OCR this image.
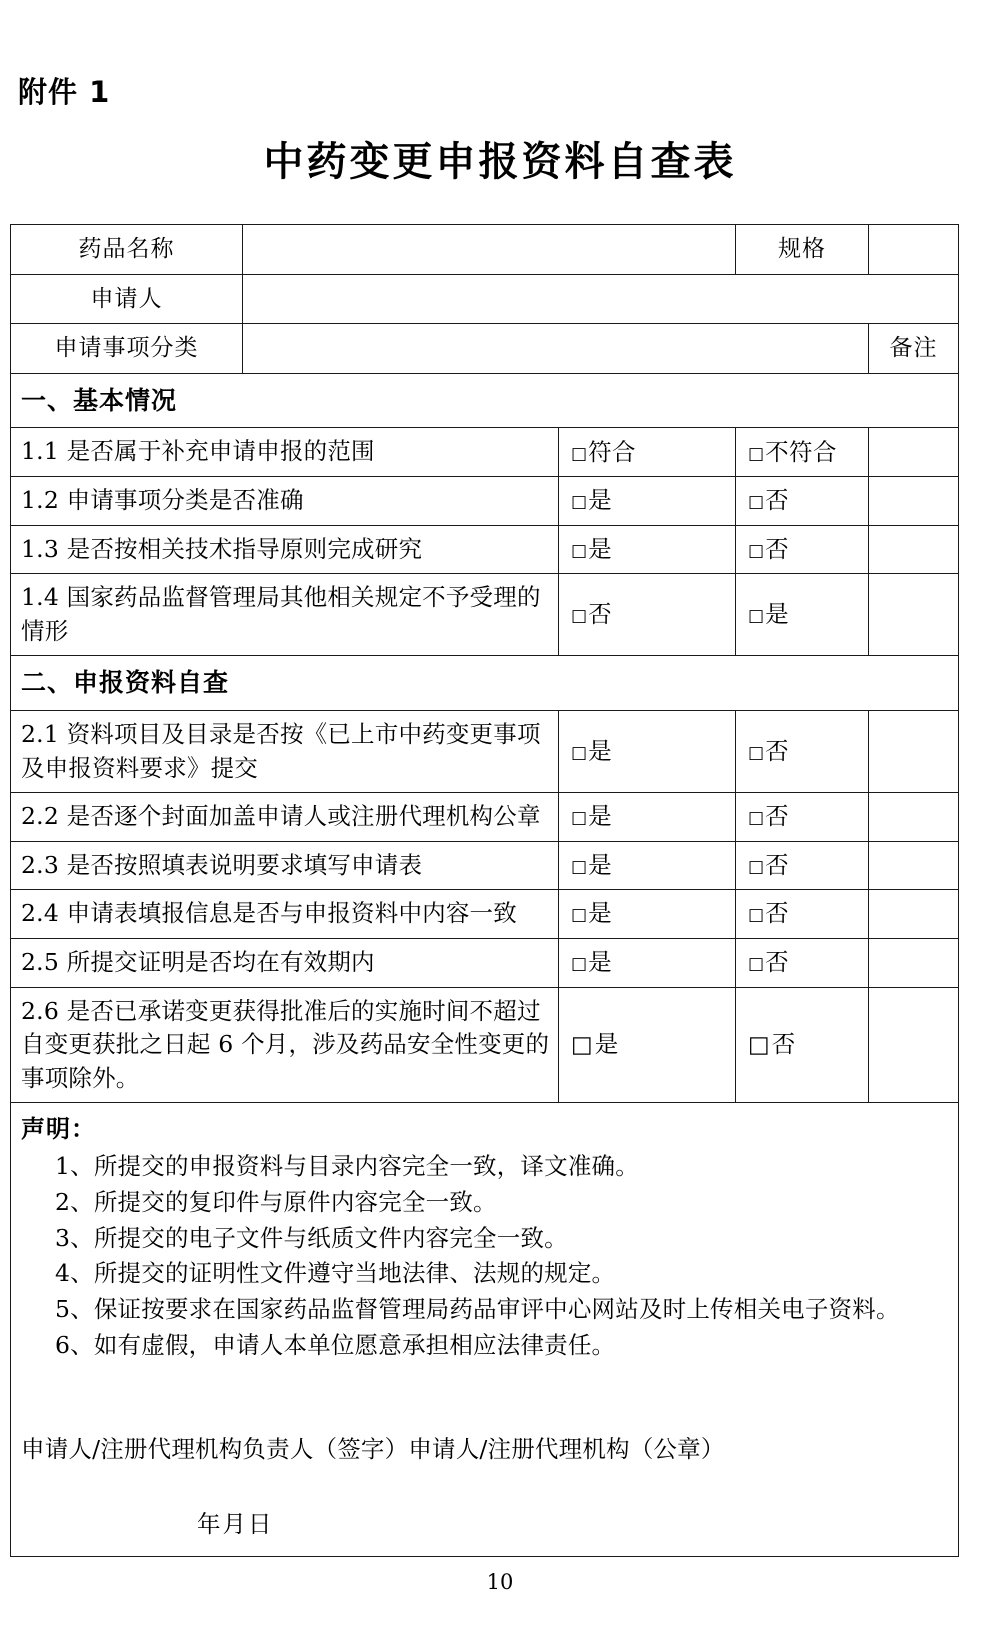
附件 1
中药变更申报资料自查表
药品名称			规格	

申请人				

申请事项分类				备注

一、基本情况				

1.1 是否属于补充申请申报的范围		□符合	□不符合	

1.2 申请事项分类是否准确		□是	□否	

1.3 是否按相关技术指导原则完成研究		□是	□否	

1.4 国家药品监督管理局其他相关规定不予受理的情形		□否	□是	

二、申报资料自查				

2.1 资料项目及目录是否按《已上市中药变更事项及申报资料要求》提交		□是	□否	

2.2 是否逐个封面加盖申请人或注册代理机构公章		□是	□否	

2.3 是否按照填表说明要求填写申请表		□是	□否	

2.4 申请表填报信息是否与申报资料中内容一致		□是	□否	

2.5 所提交证明是否均在有效期内		□是	□否	

2.6 是否已承诺变更获得批准后的实施时间不超过自变更获批之日起 6 个月，涉及药品安全性变更的事项除外。		□是	□否	

声明：
1、所提交的申报资料与目录内容完全一致，译文准确。
2、所提交的复印件与原件内容完全一致。
3、所提交的电子文件与纸质文件内容完全一致。
4、所提交的证明性文件遵守当地法律、法规的规定。
5、保证按要求在国家药品监督管理局药品审评中心网站及时上传相关电子资料。
6、如有虚假，申请人本单位愿意承担相应法律责任。
申请人/注册代理机构负责人（签字）申请人/注册代理机构（公章）
年月日
10
